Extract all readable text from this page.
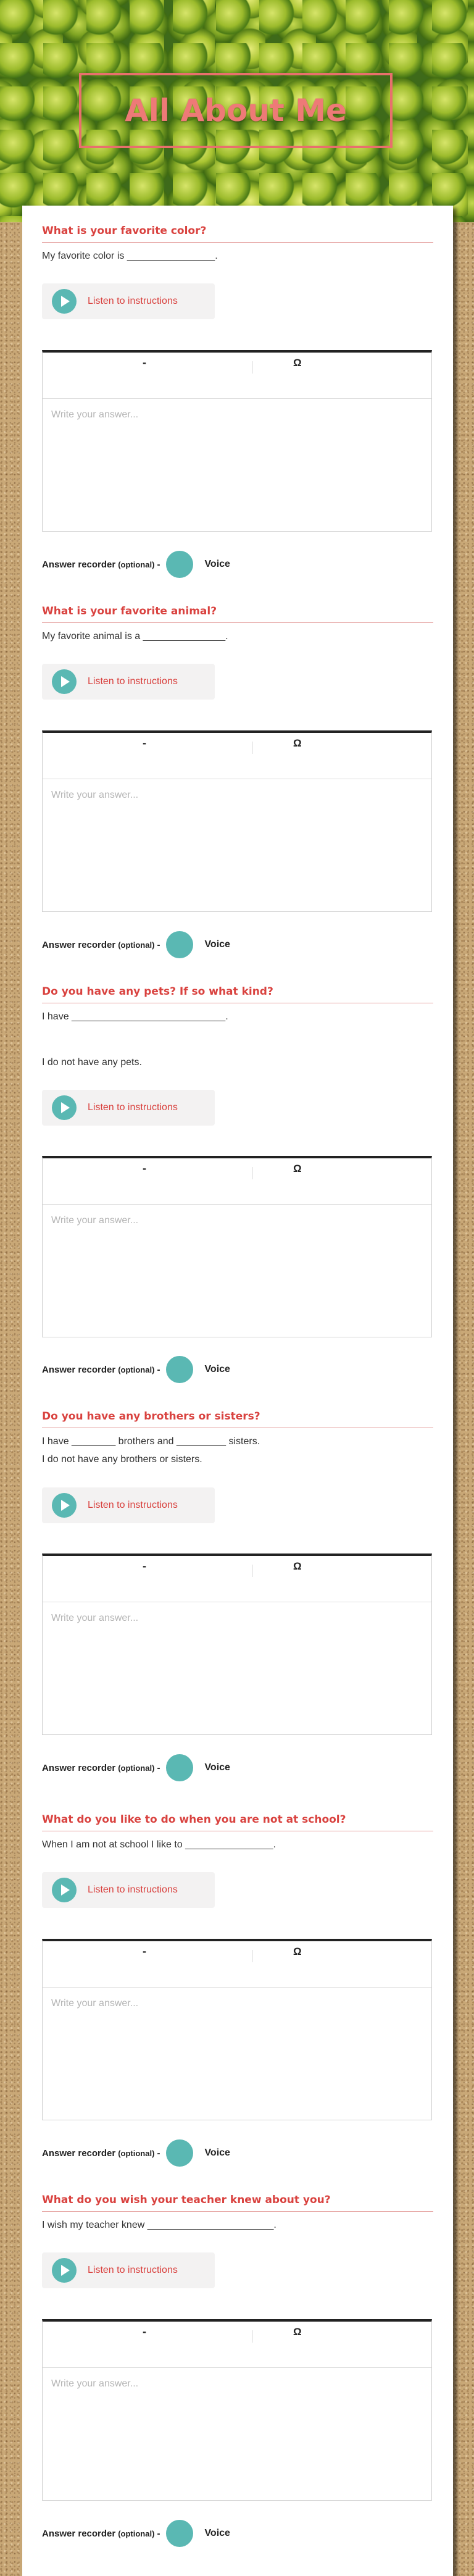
All About Me
What is your favorite color?

My favorite color is ________________.

Listen to instructions
-	Ω
Write your answer...
Answer recorder (optional) -	Voice
What is your favorite animal?

My favorite animal is a _______________.

Listen to instructions
-	Ω
Write your answer...
Answer recorder (optional) -	Voice
Do you have any pets? If so what kind?

I have ____________________________.

I do not have any pets.

Listen to instructions
-	Ω
Write your answer...
Answer recorder (optional) -	Voice
Do you have any brothers or sisters?

I have ________ brothers and _________ sisters.

I do not have any brothers or sisters.

Listen to instructions
-	Ω
Write your answer...
Answer recorder (optional) -	Voice
What do you like to do when you are not at school?

When I am not at school I like to ________________.

Listen to instructions
-	Ω
Write your answer...
Answer recorder (optional) -	Voice
What do you wish your teacher knew about you?

I wish my teacher knew _______________________.

Listen to instructions
-	Ω
Write your answer...
Answer recorder (optional) -	Voice
